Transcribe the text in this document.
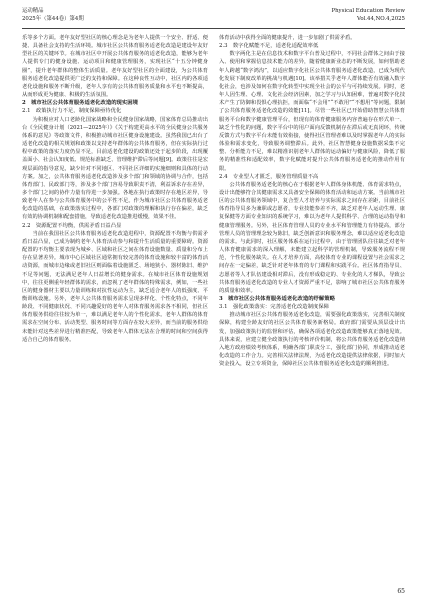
运动精品
2025年（第44卷）第4期
Physical Education Review
Vol.44,NO.4,2025

乐等多个方面。老年友好型社区的核心理念是为老年人提供一个安全、舒适、便捷、具备社会支持的生活环境。城市社区公共体育服务适老化改造是建设年友好型社区的关键环节。在城市社区中开展公共体育服务的适老化改造，能够为老年人提供专门的健身设施、运动项目和健康管理服务，实现社区“十五分钟健身圈”，提升老年群体的整体生活质量。老年友好型社区的全面建设，为公共体育服务适老化改造提供更广泛的支持和保障。在这种良性互动中，社区内的各项适老化设施和服务不断升级，老年人享有的公共体育服务质量和水平也不断提高，从而形成更为健康、积极的生活氛围。

2　城市社区公共体育服务适老化改造的现实困境
2.1　政策执行力不足，制度保障亟待优化

为积极应对人口老龄化国家战略和全民健身国家战略，国家体育总局推动出台《全民健身计划（2021—2025年）》《关于构建更高水平的全民健身公共服务体系的意见》等政策文件，积极推动城市社区健身设施建设。虽然我国已出台了适老化改造的相关规划和政策以支持老年群体的公共体育服务，但在实际执行过程中政策的落实力度仍显不足，目前适老化建设的政策还处于起步阶段，出现覆盖面小、社会认知度低、规范标准缺乏、管理维护滞后等问题[9]。政策往往是宏观层面的指导意见，缺少针对不同地区、不同社区详细的实施细则和具体的行动方案。加之，公共体育服务适老化改造涉及多个部门和领域的协调与合作，包括体育部门、民政部门等，涉及多个部门容易导致职责不清，利益诉求存在差异，多个部门之间的协作力量有待进一步加强。各地在执行政策时存在地区差异，导致老年人在参与公共体育服务中的公平性不足。作为城市社区公共体育服务适老化改造的基础，在政策落实过程中，各部门对政策的理解和执行存在偏差，缺乏有效的协调机制和配套措施，导致适老化改造推进缓慢，效果不佳。

2.2　资源配置不均衡，供需矛盾日益凸显

当前在我国社区公共体育服务适老化改造进程中，资源配置不均衡与供需矛盾日益凸显，已成为制约老年人体育活动参与和提升生活质量的重要障碍。资源配置的不均衡主要表现为城乡、区域和社区之间在体育设施数量、质量和分布上存在显著差异。城市中心区域社区通常拥有较完善的体育设施和较丰富的体育活动资源，而城市边缘或老旧社区则面临着设施匮乏、场地狭小、器材陈旧、维护不足等问题，无法满足老年人日益增长的健身需求。在城市社区体育设施规划中，往往更侧重年轻群体的需求，而忽视了老年群体的特殊需求，例如，一些社区的健身器材主要以力量训练和对抗性运动为主，缺乏适合老年人的低强度、平衡训练设施。另外，老年人公共体育服务需求呈现多样化、个性化特点，不同年龄段、不同健康状况、不同兴趣爱好的老年人对体育服务需求各不相同，但社区体育服务供给往往较为单一，难以满足老年人的个性化需求。老年人群体的体育需求在空间分布、活动类型、服务时间等方面存在较大差异，而当前的服务供给未能针对这些差异进行精准匹配，导致老年人群体无法在合理的时间和空间获得适合自己的体育服务。

体育活动中获得全面的健康提升，进一步加剧了供需矛盾。

2.3　数字化赋能不足，适老化适配效率低

数字两化主是在信息技术和数字平台普及过程中，不同社会群体之间由于接入、使用和掌握信息技术能力的差异，随着健康新业态的不断发展，如何帮助老年人跨越“数字鸿沟”，以适应数字化社区公共体育服务适老化改造，已成为现代化发展下制度改革的挑战与机遇[10]。该举措关乎老年人群体能否有效融入数字化社会，也涉及如何在数字化转型中实现全社会的公平与可持续发展。同时，老年人因生理、心理、文化社会经济因素，加之学习与认知困难，普遍对数字化技术产生了防御和畏惧心理抗拒，而面临“不会用”“不敢用”“不想用”等问题，限制了公共体育服务适老化改造的效能[11]。尽管一些社区已开始借助智慧公共体育服务平台和数字健康管理平台，但现有的体育健康服务内容普遍存在形式单一、缺乏个性化的问题，数字平台中的用户面向反馈机制存在滞后或无真闭环，传统反馈方式与数字平台未能有效衔接，使得社区管理者难以及时掌握老年人的实际体验和需求变化，导致服务调整滞后。此外，社区智慧健身设施数据采集不完整、分析能力不足，难以精准识别老年人群体的运动偏好与健康风险，降低了服务的精准性和适配效率，数字化赋能对提升公共体育服务适老化的推动作用有限。

2.4　专业型人才匮乏，服务管理质量不高

公共体育服务适老化的核心在于根据老年人群体身体机能、体育需求特点，设计出能够符合其健康需求又具备安全保障的体育活动和运动方案。当前城市社区的公共体育服务领域中，复合型人才培养与实际需求之间存在差距，目前社区体育指导员多为兼职或志愿者，专业技能参差不齐，缺乏对老年人运动生理、康复保健等方面专业知识的系统学习，难以为老年人提供科学、合理的运动指导和健康管理服务。另外，社区体育管理人员的专业水平和管理能力有待提高，部分管理人员的管理理念较为陈旧，缺乏创新意识和服务理念，难以适应适老化改造的需求。与此同时，社区服务体系在运行过程中，由于管理团队往往缺乏对老年人体育健康需求的深入理解，未能建立起科学的管理机制，导致服务流程不规范，个性化服务缺失。在人才培养方面，高校体育专业的课程设置与社会需求之间存在一定偏差，缺乏针对老年体育的专门课程和实践平台。社区体育指导员、志愿者等人才队伍建设相对滞后，没有形成稳定的、专业化的人才梯队，导致公共体育服务适老化改造的专业人才资源严重不足，影响了城市社区公共体育服务的质量和效率。

3　城市社区公共体育服务适老化改造的纾解策略
3.1　强化政策落实：完善适老化改造制度保障

推动城市社区公共体育服务适老化改造，需要强化政策落实，完善相关制度保障，构建全龄友好的社区公共体育服务新格局。政府部门需要从顶层设计出发，加强政策执行的监督和评估，确保各项适老化改造政策能够真正落地见效。具体来说，应建立健全政策执行的考核评价机制，将公共体育服务适老化改造纳入地方政府绩效考核体系，明确各部门职责分工，强化部门协同，形成推动适老化改造的工作合力。完善相关法律法规，为适老化改造提供法律依据，同时加大资金投入，设立专项资金，保障社区公共体育服务适老化改造的顺利推进。

65
